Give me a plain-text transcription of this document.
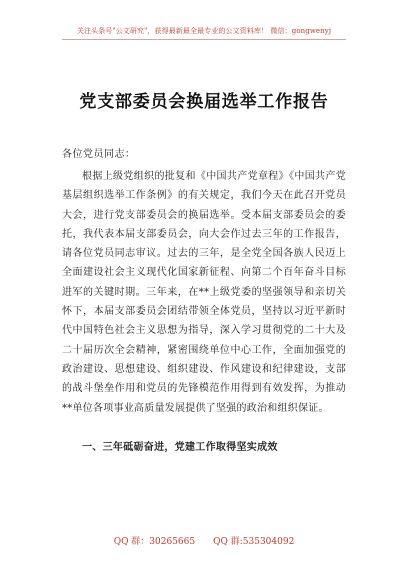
关注头条号"公文研究"，获得最新最全最专业的公文资料库！ 微信：gongwenyj
党支部委员会换届选举工作报告
各位党员同志：

根据上级党组织的批复和《中国共产党章程》《中国共产党基层组织选举工作条例》的有关规定，我们今天在此召开党员大会，进行党支部委员会的换届选举。受本届支部委员会的委托，我代表本届支部委员会，向大会作过去三年的工作报告，请各位党员同志审议。过去的三年，是全党全国各族人民迈上全面建设社会主义现代化国家新征程、向第二个百年奋斗目标进军的关键时期。三年来，在**上级党委的坚强领导和亲切关怀下，本届支部委员会团结带领全体党员，坚持以习近平新时代中国特色社会主义思想为指导，深入学习贯彻党的二十大及二十届历次全会精神，紧密围绕单位中心工作，全面加强党的政治建设、思想建设、组织建设、作风建设和纪律建设，支部的战斗堡垒作用和党员的先锋模范作用得到有效发挥，为推动**单位各项事业高质量发展提供了坚强的政治和组织保证。

一、三年砥砺奋进，党建工作取得坚实成效
QQ 群：30265665 QQ 群:535304092
